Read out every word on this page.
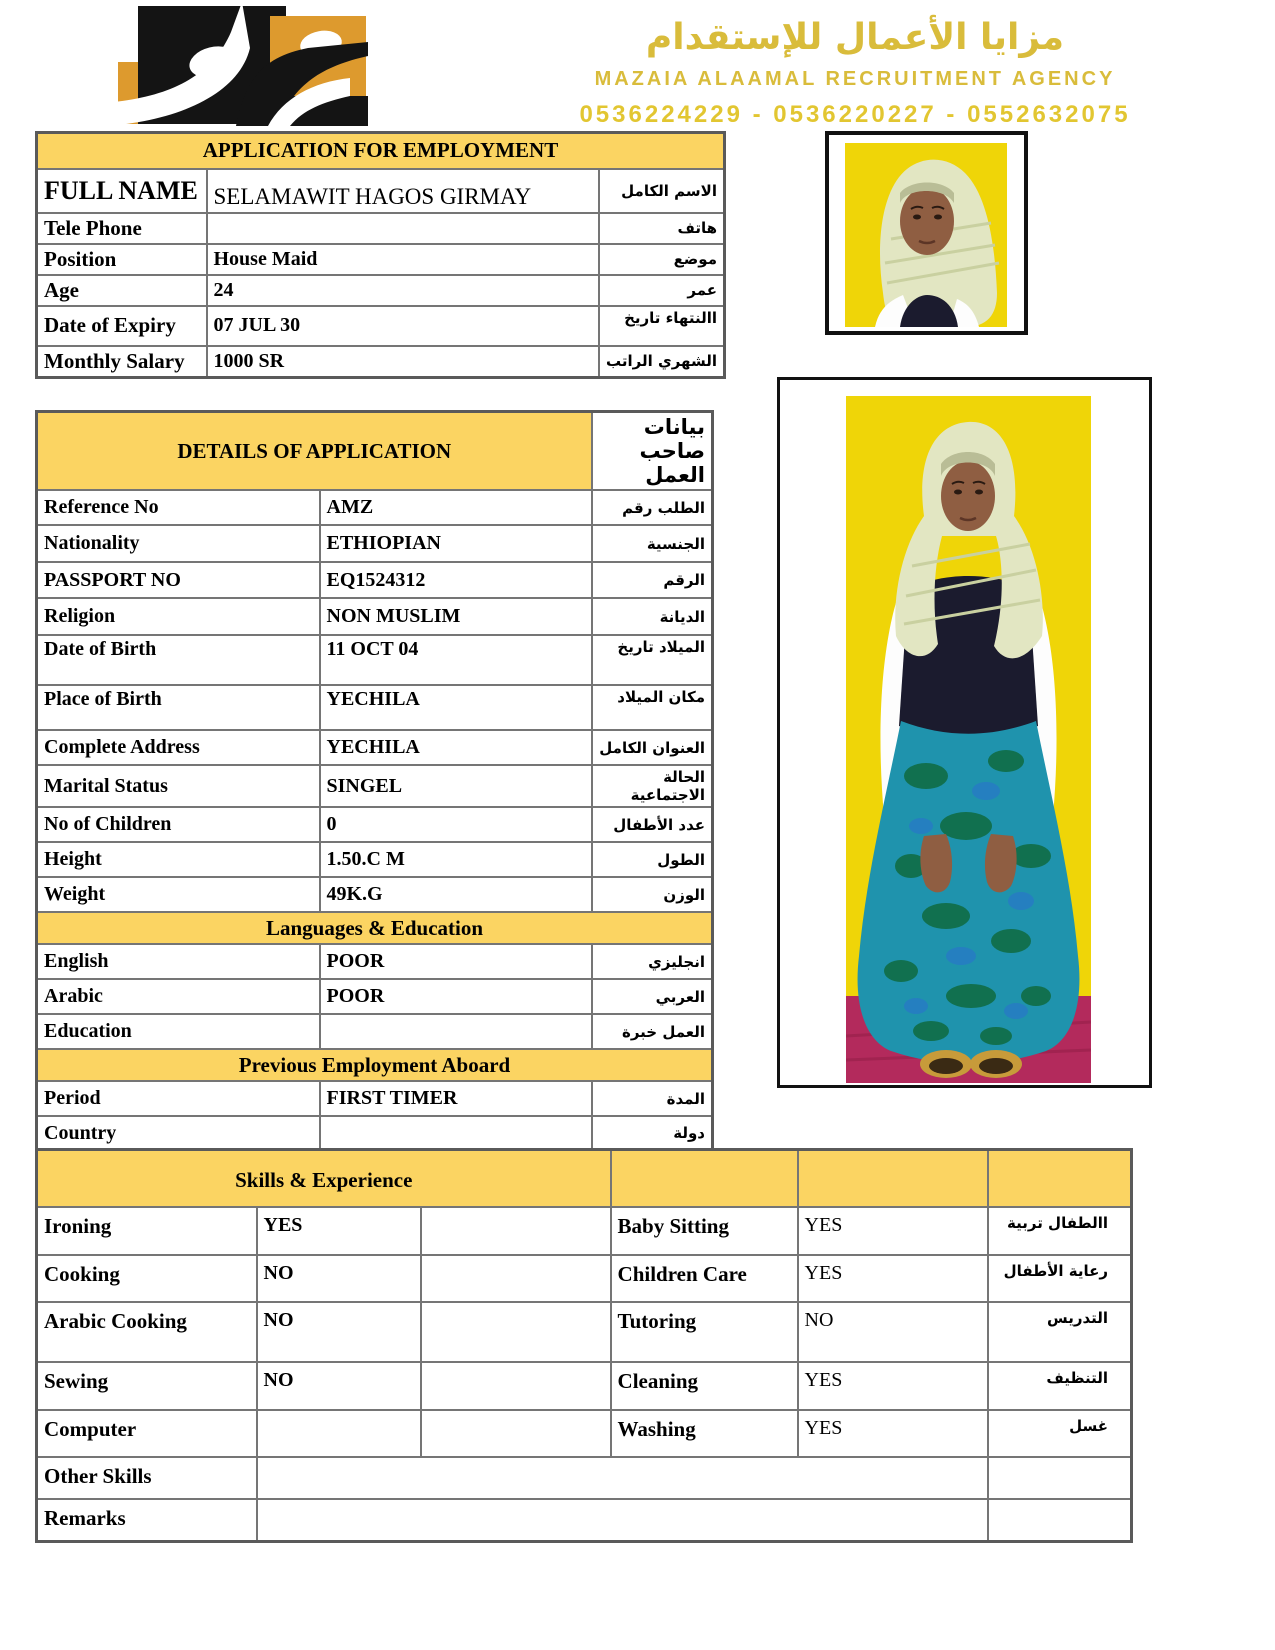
مزايا الأعمال للإستقدام
MAZAIA ALAAMAL RECRUITMENT AGENCY
0536224229 - 0536220227 - 0552632075
APPLICATION FOR EMPLOYMENT		
FULL NAME	SELAMAWIT HAGOS GIRMAY	الاسم الكامل
Tele Phone		هاتف
Position	House Maid	موضع
Age	24	عمر
Date of Expiry	07 JUL 30	االنتهاء تاريخ
Monthly Salary	1000 SR	الشهري الراتب
DETAILS OF APPLICATION		بيانات صاحب العمل
Reference No	AMZ	الطلب رقم
Nationality	ETHIOPIAN	الجنسية
PASSPORT NO	EQ1524312	الرقم
Religion	NON MUSLIM	الديانة
Date of Birth	11 OCT 04	الميلاد تاريخ
Place of Birth	YECHILA	مكان الميلاد
Complete Address	YECHILA	العنوان الكامل
Marital Status	SINGEL	الحالة الاجتماعية
No of Children	0	عدد الأطفال
Height	1.50.C M	الطول
Weight	49K.G	الوزن
Languages & Education		
English	POOR	انجليزي
Arabic	POOR	العربي
Education		العمل خبرة
Previous Employment Aboard		
Period	FIRST TIMER	المدة
Country		دولة
Skills & Experience					
Ironing	YES		Baby Sitting	YES	االطفال تربية
Cooking	NO		Children Care	YES	رعاية الأطفال
Arabic Cooking	NO		Tutoring	NO	التدريس
Sewing	NO		Cleaning	YES	التنظيف
Computer			Washing	YES	غسل
Other Skills					
Remarks					
